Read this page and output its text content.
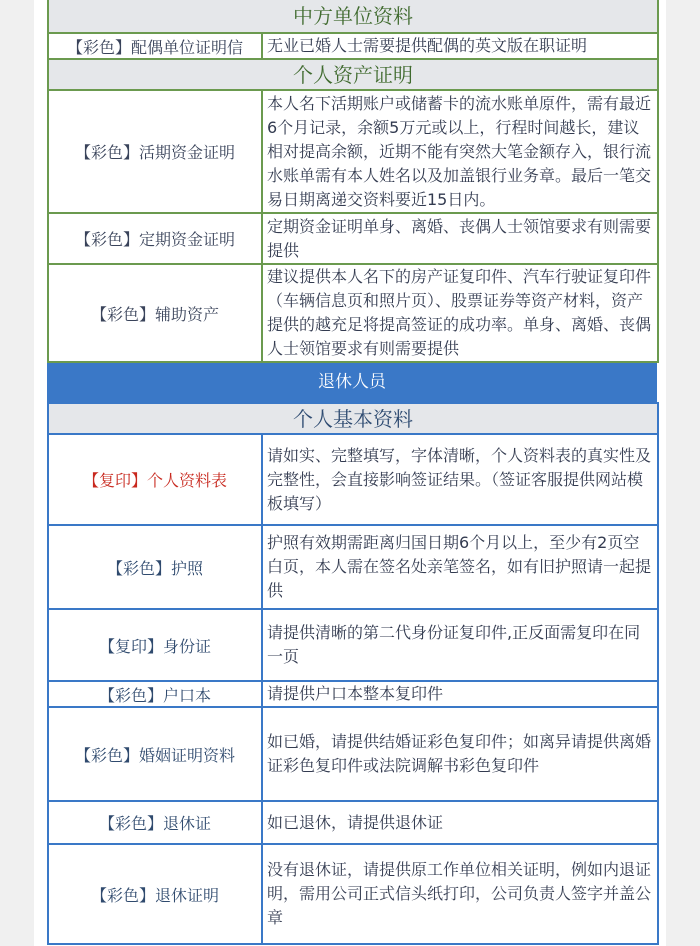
中方单位资料	
【彩色】配偶单位证明信	无业已婚人士需要提供配偶的英文版在职证明
个人资产证明	
【彩色】活期资金证明	本人名下活期账户或储蓄卡的流水账单原件，需有最近6个月记录，余额5万元或以上，行程时间越长，建议相对提高余额，近期不能有突然大笔金额存入，银行流水账单需有本人姓名以及加盖银行业务章。最后一笔交易日期离递交资料要近15日内。
【彩色】定期资金证明	定期资金证明单身、离婚、丧偶人士领馆要求有则需要提供
【彩色】辅助资产	建议提供本人名下的房产证复印件、汽车行驶证复印件（车辆信息页和照片页）、股票证券等资产材料，资产提供的越充足将提高签证的成功率。单身、离婚、丧偶人士领馆要求有则需要提供
退休人员
个人基本资料	
【复印】个人资料表	请如实、完整填写，字体清晰，个人资料表的真实性及完整性，会直接影响签证结果。（签证客服提供网站模板填写）
【彩色】护照	护照有效期需距离归国日期6个月以上，至少有2页空白页，本人需在签名处亲笔签名，如有旧护照请一起提供
【复印】身份证	请提供清晰的第二代身份证复印件,正反面需复印在同一页
【彩色】户口本	请提供户口本整本复印件
【彩色】婚姻证明资料	如已婚，请提供结婚证彩色复印件；如离异请提供离婚证彩色复印件或法院调解书彩色复印件
【彩色】退休证	如已退休，请提供退休证
【彩色】退休证明	没有退休证，请提供原工作单位相关证明，例如内退证明，需用公司正式信头纸打印，公司负责人签字并盖公章
